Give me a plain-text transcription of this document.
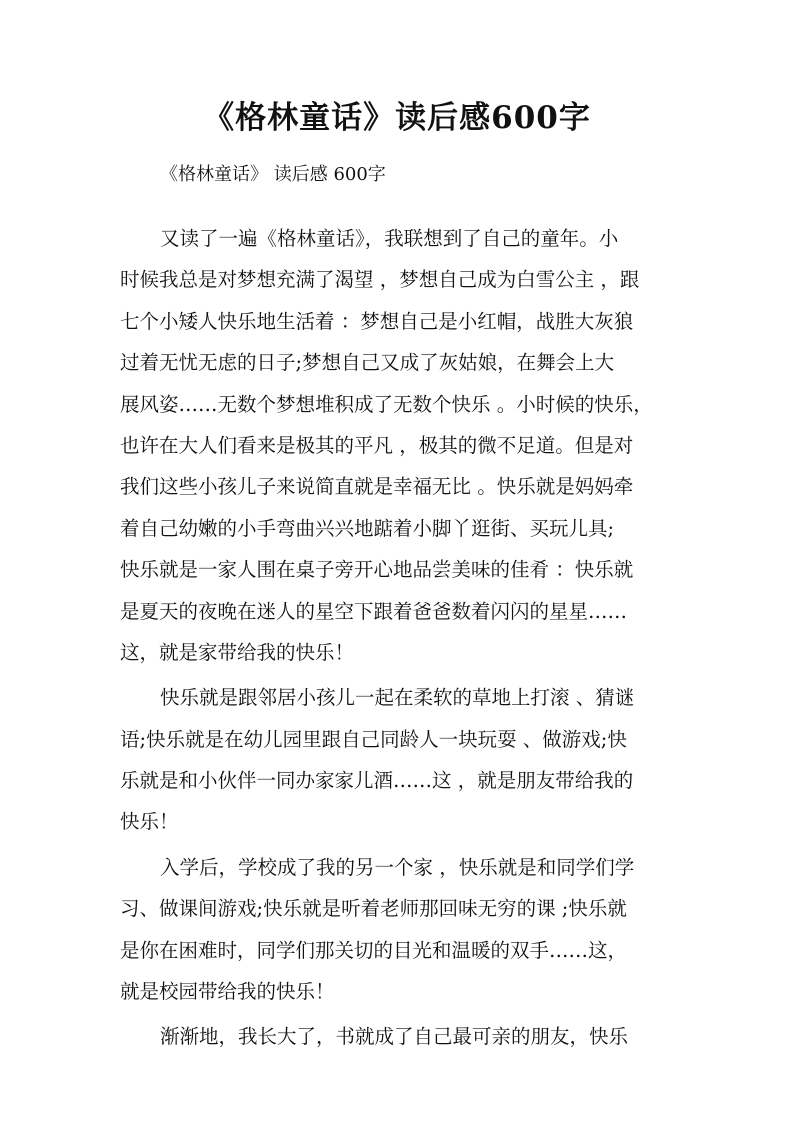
《格林童话》读后感600字

《格林童话》 读后感 600字

又读了一遍《格林童话》，我联想到了自己的童年。小
时候我总是对梦想充满了渴望 ，梦想自己成为白雪公主 ，跟
七个小矮人快乐地生活着 ：梦想自己是小红帽，战胜大灰狼
过着无忧无虑的日子;梦想自己又成了灰姑娘，在舞会上大
展风姿……无数个梦想堆积成了无数个快乐 。小时候的快乐，
也许在大人们看来是极其的平凡 ，极其的微不足道。但是对
我们这些小孩儿子来说简直就是幸福无比 。快乐就是妈妈牵
着自己幼嫩的小手弯曲兴兴地踮着小脚丫逛街、买玩儿具;
快乐就是一家人围在桌子旁开心地品尝美味的佳肴 ：快乐就
是夏天的夜晚在迷人的星空下跟着爸爸数着闪闪的星星……
这，就是家带给我的快乐！
快乐就是跟邻居小孩儿一起在柔软的草地上打滚 、猜谜
语;快乐就是在幼儿园里跟自己同龄人一块玩耍 、做游戏;快
乐就是和小伙伴一同办家家儿酒……这 ，就是朋友带给我的
快乐！
入学后，学校成了我的另一个家 ，快乐就是和同学们学
习、做课间游戏;快乐就是听着老师那回味无穷的课 ;快乐就
是你在困难时，同学们那关切的目光和温暖的双手……这，
就是校园带给我的快乐！
渐渐地，我长大了，书就成了自己最可亲的朋友，快乐
